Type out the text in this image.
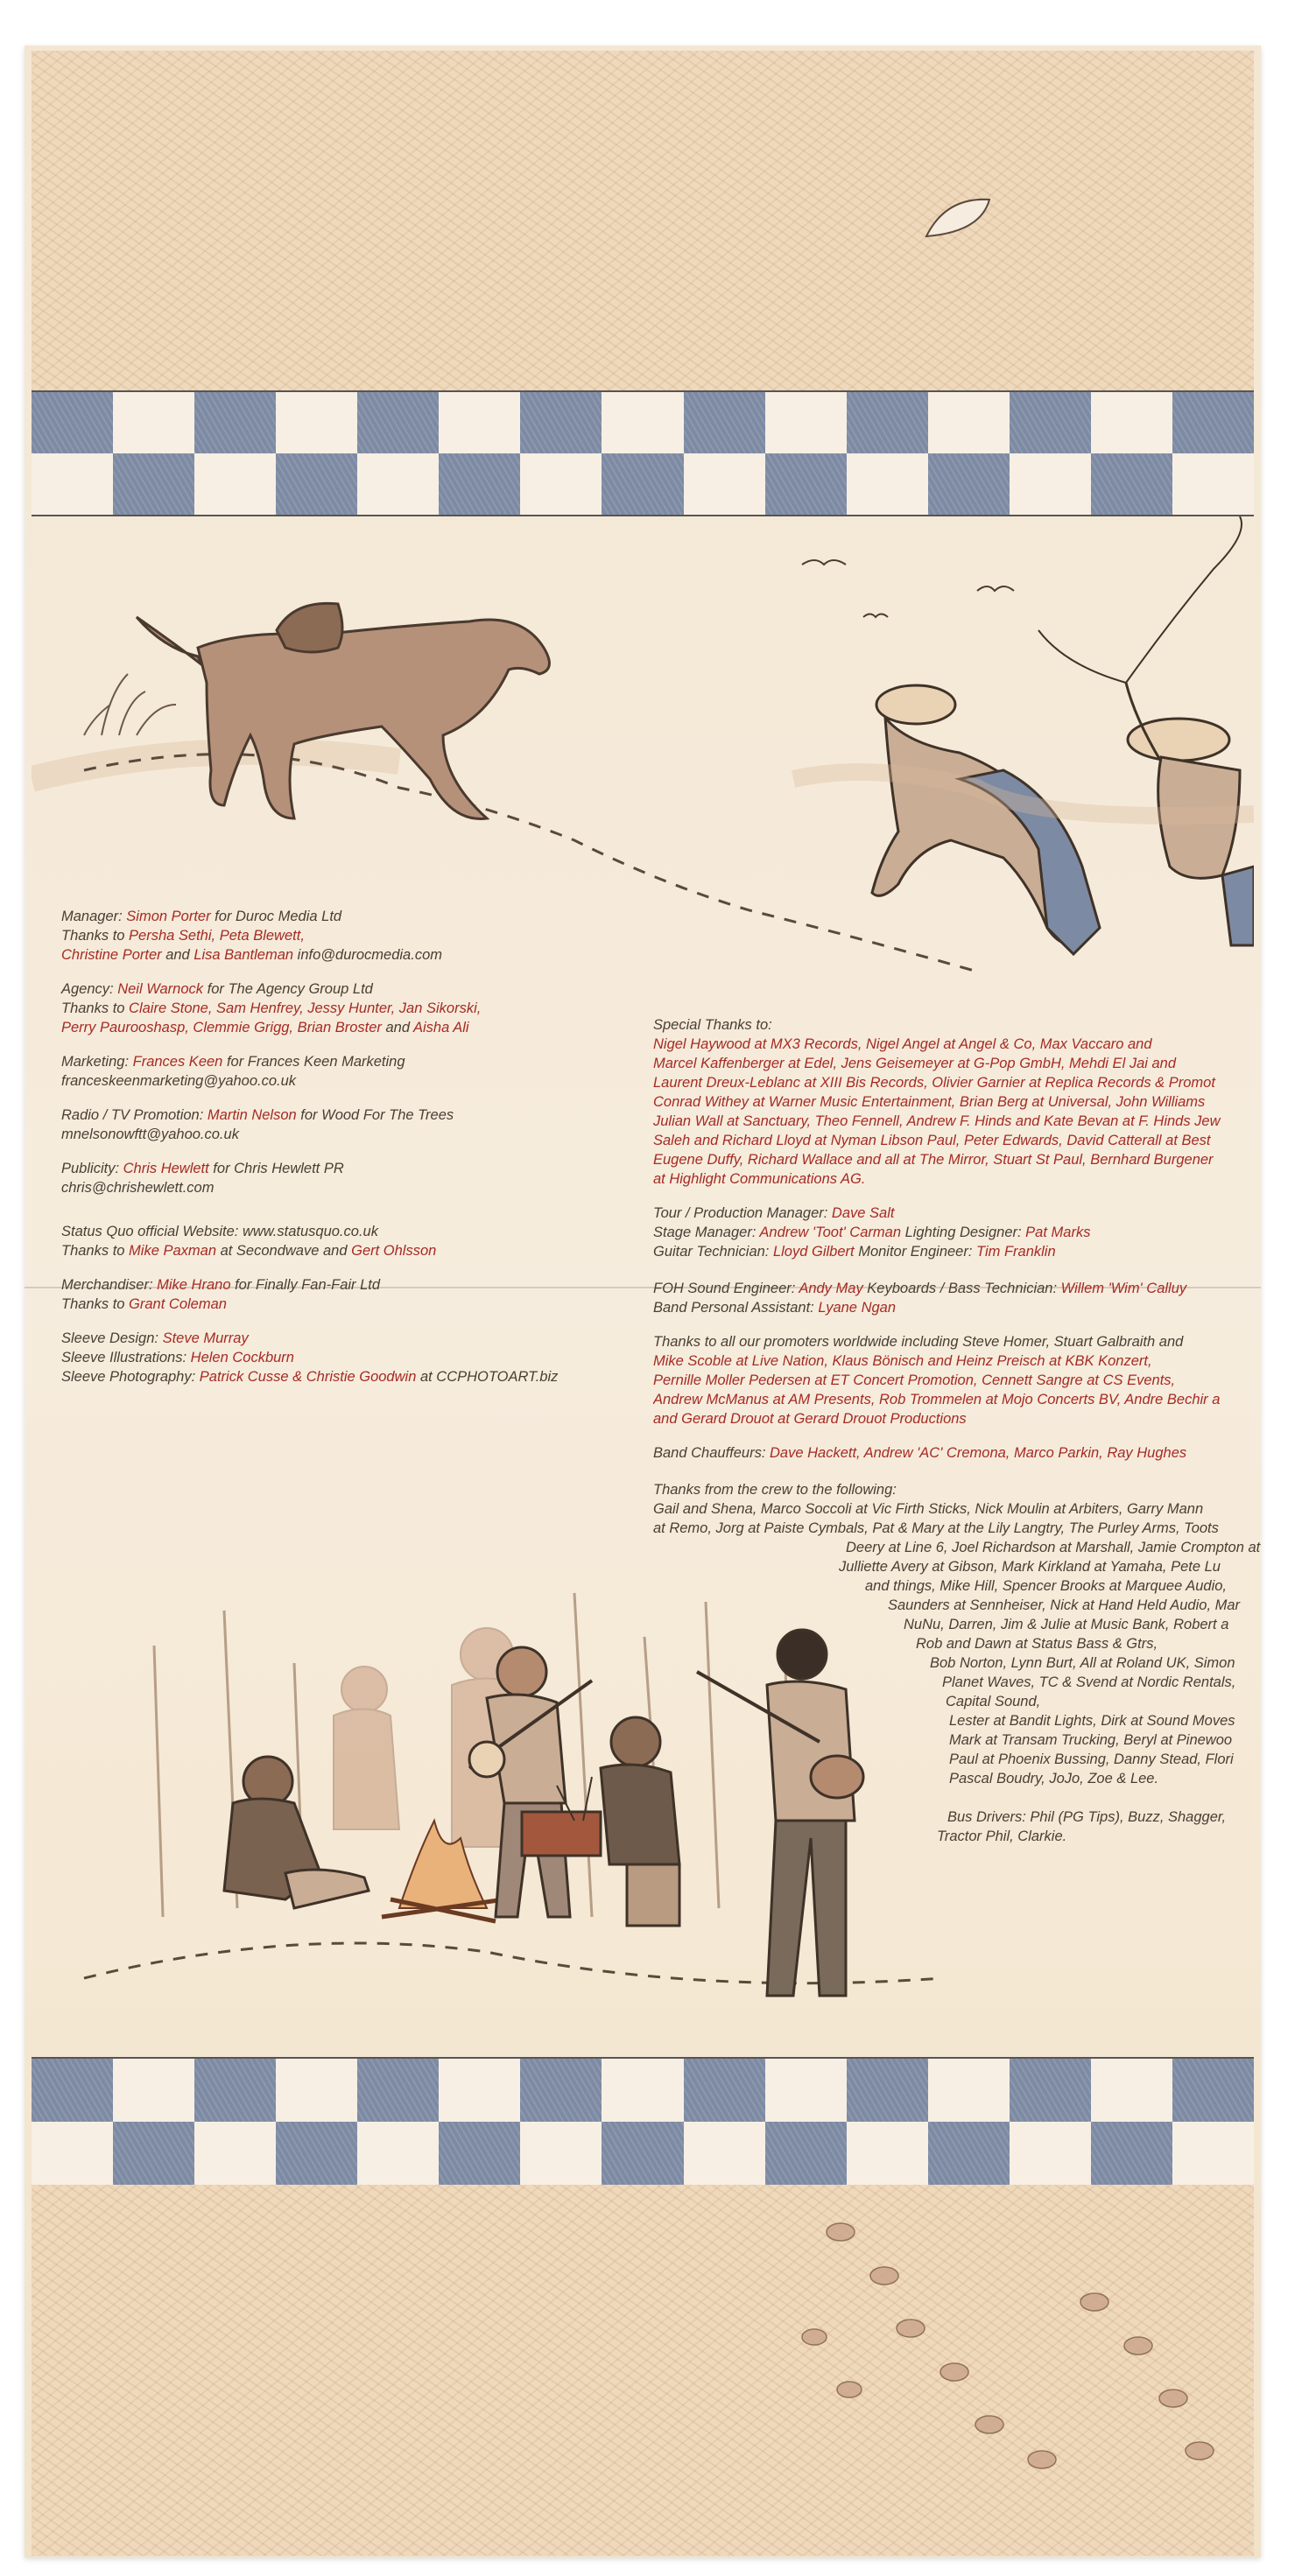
Manager: Simon Porter for Duroc Media Ltd
Thanks to Persha Sethi, Peta Blewett,
Christine Porter and Lisa Bantleman info@durocmedia.com

Agency: Neil Warnock for The Agency Group Ltd
Thanks to Claire Stone, Sam Henfrey, Jessy Hunter, Jan Sikorski,
Perry Paurooshasp, Clemmie Grigg, Brian Broster and Aisha Ali

Marketing: Frances Keen for Frances Keen Marketing
franceskeenmarketing@yahoo.co.uk

Radio / TV Promotion: Martin Nelson for Wood For The Trees
mnelsonowftt@yahoo.co.uk

Publicity: Chris Hewlett for Chris Hewlett PR
chris@chrishewlett.com

Status Quo official Website: www.statusquo.co.uk
Thanks to Mike Paxman at Secondwave and Gert Ohlsson

Merchandiser: Mike Hrano for Finally Fan-Fair Ltd
Thanks to Grant Coleman

Sleeve Design: Steve Murray
Sleeve Illustrations: Helen Cockburn
Sleeve Photography: Patrick Cusse & Christie Goodwin at CCPHOTOART.biz

Special Thanks to:
Nigel Haywood at MX3 Records, Nigel Angel at Angel & Co, Max Vaccaro and
Marcel Kaffenberger at Edel, Jens Geisemeyer at G-Pop GmbH, Mehdi El Jai and
Laurent Dreux-Leblanc at XIII Bis Records, Olivier Garnier at Replica Records & Promot
Conrad Withey at Warner Music Entertainment, Brian Berg at Universal, John Williams
Julian Wall at Sanctuary, Theo Fennell, Andrew F. Hinds and Kate Bevan at F. Hinds Jew
Saleh and Richard Lloyd at Nyman Libson Paul, Peter Edwards, David Catterall at Best
Eugene Duffy, Richard Wallace and all at The Mirror, Stuart St Paul, Bernhard Burgener
at Highlight Communications AG.

Tour / Production Manager: Dave Salt
Stage Manager: Andrew 'Toot' Carman Lighting Designer: Pat Marks
Guitar Technician: Lloyd Gilbert Monitor Engineer: Tim Franklin

FOH Sound Engineer: Andy May Keyboards / Bass Technician: Willem 'Wim' Calluy
Band Personal Assistant: Lyane Ngan

Thanks to all our promoters worldwide including Steve Homer, Stuart Galbraith and
Mike Scoble at Live Nation, Klaus Bönisch and Heinz Preisch at KBK Konzert,
Pernille Moller Pedersen at ET Concert Promotion, Cennett Sangre at CS Events,
Andrew McManus at AM Presents, Rob Trommelen at Mojo Concerts BV, Andre Bechir a
and Gerard Drouot at Gerard Drouot Productions

Band Chauffeurs: Dave Hackett, Andrew 'AC' Cremona, Marco Parkin, Ray Hughes

Thanks from the crew to the following:
Gail and Shena, Marco Soccoli at Vic Firth Sticks, Nick Moulin at Arbiters, Garry Mann
at Remo, Jorg at Paiste Cymbals, Pat & Mary at the Lily Langtry, The Purley Arms, Toots
Deery at Line 6, Joel Richardson at Marshall, Jamie Crompton at
Julliette Avery at Gibson, Mark Kirkland at Yamaha, Pete Lu
and things, Mike Hill, Spencer Brooks at Marquee Audio,
Saunders at Sennheiser, Nick at Hand Held Audio, Mar
NuNu, Darren, Jim & Julie at Music Bank, Robert a
Rob and Dawn at Status Bass & Gtrs,
Bob Norton, Lynn Burt, All at Roland UK, Simon
Planet Waves, TC & Svend at Nordic Rentals,
Capital Sound,
Lester at Bandit Lights, Dirk at Sound Moves
Mark at Transam Trucking, Beryl at Pinewoo
Paul at Phoenix Bussing, Danny Stead, Flori
Pascal Boudry, JoJo, Zoe & Lee.

Bus Drivers: Phil (PG Tips), Buzz, Shagger,
Tractor Phil, Clarkie.
